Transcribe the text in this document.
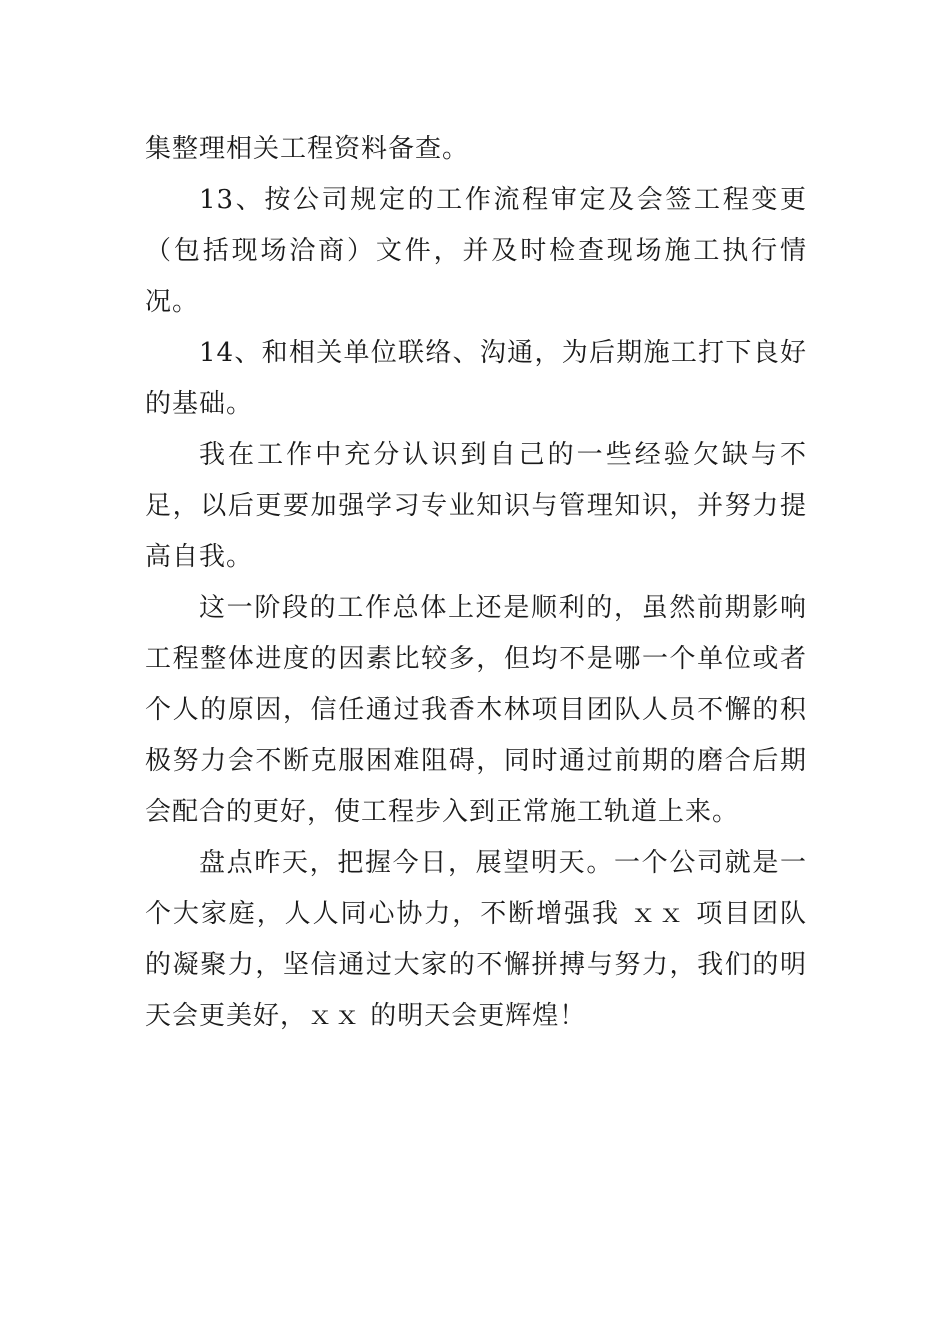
集整理相关工程资料备查。

13、按公司规定的工作流程审定及会签工程变更（包括现场洽商）文件，并及时检查现场施工执行情况。

14、和相关单位联络、沟通，为后期施工打下良好的基础。

我在工作中充分认识到自己的一些经验欠缺与不足，以后更要加强学习专业知识与管理知识，并努力提高自我。

这一阶段的工作总体上还是顺利的，虽然前期影响工程整体进度的因素比较多，但均不是哪一个单位或者个人的原因，信任通过我香木林项目团队人员不懈的积极努力会不断克服困难阻碍，同时通过前期的磨合后期会配合的更好，使工程步入到正常施工轨道上来。

盘点昨天，把握今日，展望明天。一个公司就是一个大家庭，人人同心协力，不断增强我 ｘｘ 项目团队的凝聚力，坚信通过大家的不懈拼搏与努力，我们的明天会更美好，ｘｘ 的明天会更辉煌！
